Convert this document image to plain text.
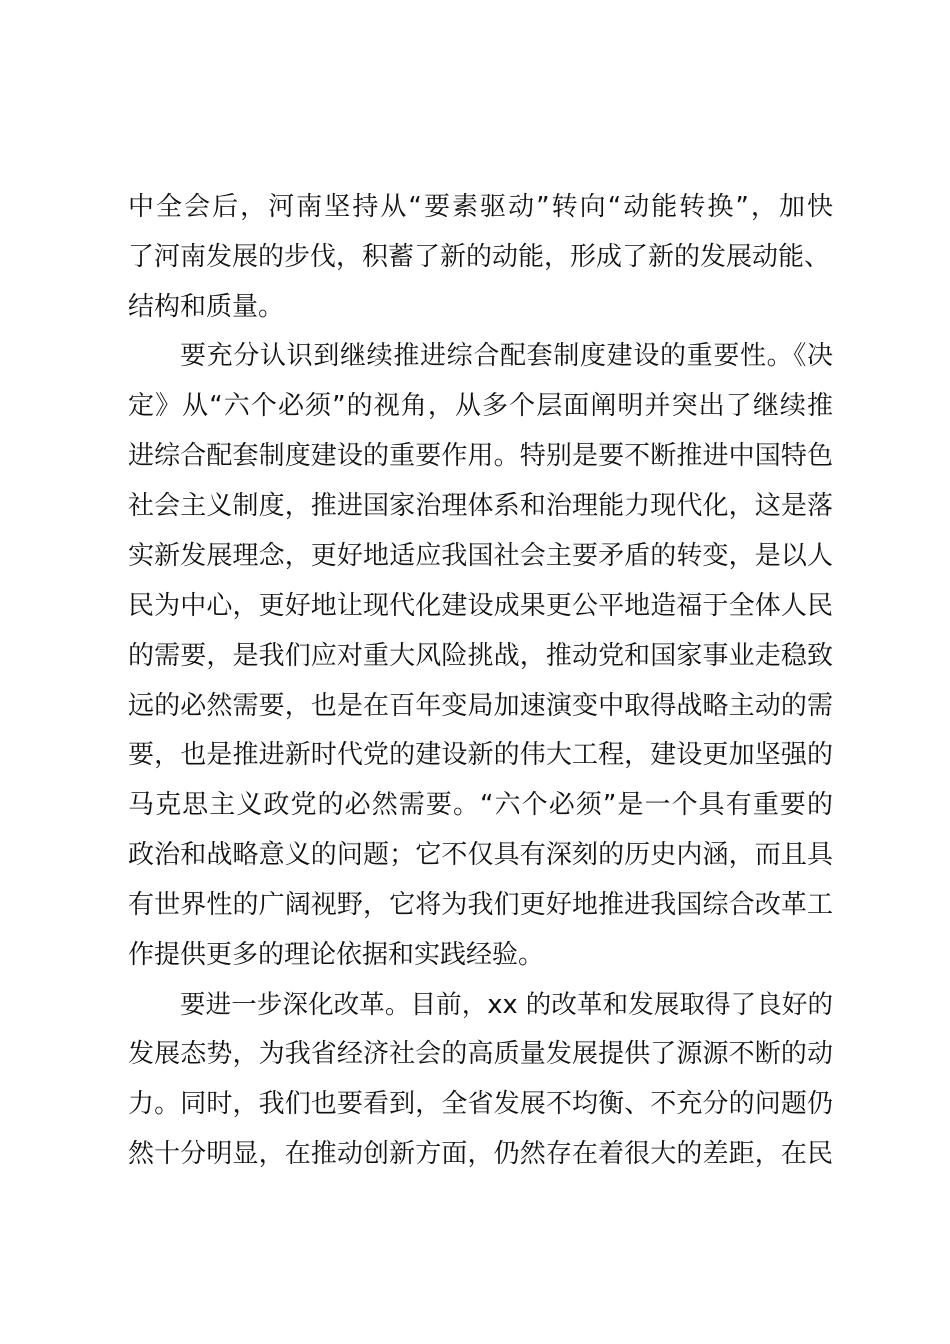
中全会后，河南坚持从“要素驱动”转向“动能转换”，加快
了河南发展的步伐，积蓄了新的动能，形成了新的发展动能、
结构和质量。
要充分认识到继续推进综合配套制度建设的重要性。《决
定》从“六个必须”的视角，从多个层面阐明并突出了继续推
进综合配套制度建设的重要作用。特别是要不断推进中国特色
社会主义制度，推进国家治理体系和治理能力现代化，这是落
实新发展理念，更好地适应我国社会主要矛盾的转变，是以人
民为中心，更好地让现代化建设成果更公平地造福于全体人民
的需要，是我们应对重大风险挑战，推动党和国家事业走稳致
远的必然需要，也是在百年变局加速演变中取得战略主动的需
要，也是推进新时代党的建设新的伟大工程，建设更加坚强的
马克思主义政党的必然需要。“六个必须”是一个具有重要的
政治和战略意义的问题；它不仅具有深刻的历史内涵，而且具
有世界性的广阔视野，它将为我们更好地推进我国综合改革工
作提供更多的理论依据和实践经验。
要进一步深化改革。目前，xx 的改革和发展取得了良好的
发展态势，为我省经济社会的高质量发展提供了源源不断的动
力。同时，我们也要看到，全省发展不均衡、不充分的问题仍
然十分明显，在推动创新方面，仍然存在着很大的差距，在民
